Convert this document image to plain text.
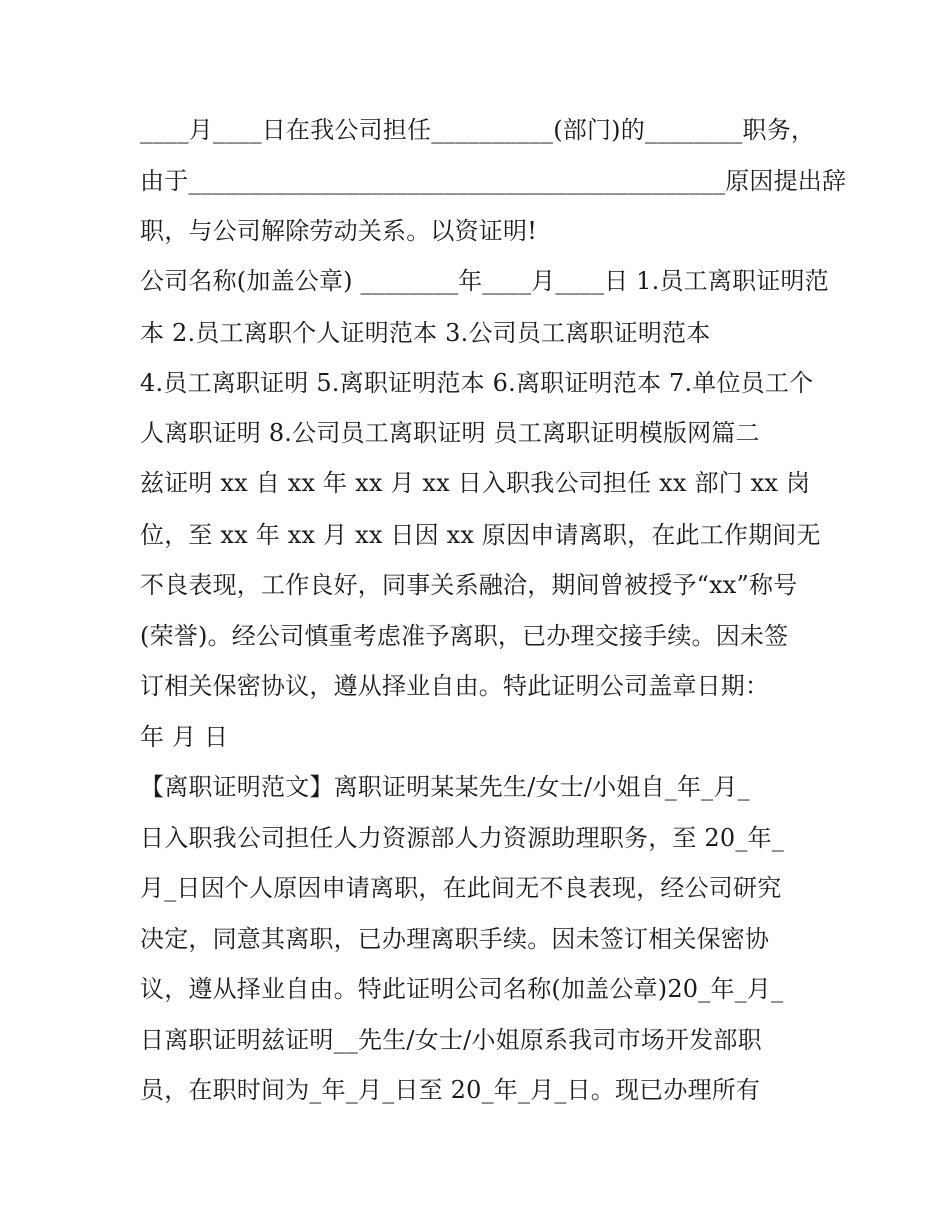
____月____日在我公司担任__________(部门)的________职务，
由于____________________________________________原因提出辞
职，与公司解除劳动关系。以资证明!
公司名称(加盖公章) ________年____月____日 1.员工离职证明范
本 2.员工离职个人证明范本 3.公司员工离职证明范本
4.员工离职证明 5.离职证明范本 6.离职证明范本 7.单位员工个
人离职证明 8.公司员工离职证明 员工离职证明模版网篇二
兹证明 xx 自 xx 年 xx 月 xx 日入职我公司担任 xx 部门 xx 岗
位，至 xx 年 xx 月 xx 日因 xx 原因申请离职，在此工作期间无
不良表现，工作良好，同事关系融洽，期间曾被授予“xx”称号
(荣誉)。经公司慎重考虑准予离职，已办理交接手续。因未签
订相关保密协议，遵从择业自由。特此证明公司盖章日期：
年 月 日
【离职证明范文】离职证明某某先生/女士/小姐自_年_月_
日入职我公司担任人力资源部人力资源助理职务，至 20_年_
月_日因个人原因申请离职，在此间无不良表现，经公司研究
决定，同意其离职，已办理离职手续。因未签订相关保密协
议，遵从择业自由。特此证明公司名称(加盖公章)20_年_月_
日离职证明兹证明__先生/女士/小姐原系我司市场开发部职
员，在职时间为_年_月_日至 20_年_月_日。现已办理所有
